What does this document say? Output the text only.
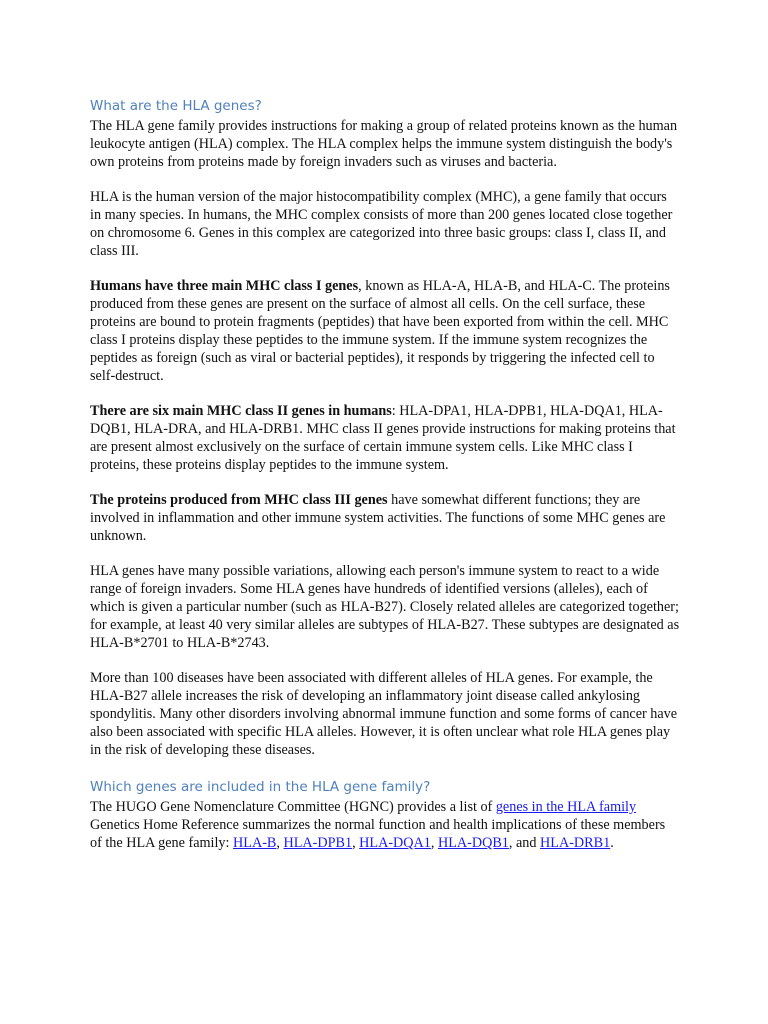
What are the HLA genes?

The HLA gene family provides instructions for making a group of related proteins known as the human leukocyte antigen (HLA) complex. The HLA complex helps the immune system distinguish the body's own proteins from proteins made by foreign invaders such as viruses and bacteria.

HLA is the human version of the major histocompatibility complex (MHC), a gene family that occurs in many species. In humans, the MHC complex consists of more than 200 genes located close together on chromosome 6. Genes in this complex are categorized into three basic groups: class I, class II, and class III.

Humans have three main MHC class I genes, known as HLA-A, HLA-B, and HLA-C. The proteins produced from these genes are present on the surface of almost all cells. On the cell surface, these proteins are bound to protein fragments (peptides) that have been exported from within the cell. MHC class I proteins display these peptides to the immune system. If the immune system recognizes the peptides as foreign (such as viral or bacterial peptides), it responds by triggering the infected cell to self-destruct.

There are six main MHC class II genes in humans: HLA-DPA1, HLA-DPB1, HLA-DQA1, HLA-DQB1, HLA-DRA, and HLA-DRB1. MHC class II genes provide instructions for making proteins that are present almost exclusively on the surface of certain immune system cells. Like MHC class I proteins, these proteins display peptides to the immune system.

The proteins produced from MHC class III genes have somewhat different functions; they are involved in inflammation and other immune system activities. The functions of some MHC genes are unknown.

HLA genes have many possible variations, allowing each person's immune system to react to a wide range of foreign invaders. Some HLA genes have hundreds of identified versions (alleles), each of which is given a particular number (such as HLA-B27). Closely related alleles are categorized together; for example, at least 40 very similar alleles are subtypes of HLA-B27. These subtypes are designated as HLA-B*2701 to HLA-B*2743.

More than 100 diseases have been associated with different alleles of HLA genes. For example, the HLA-B27 allele increases the risk of developing an inflammatory joint disease called ankylosing spondylitis. Many other disorders involving abnormal immune function and some forms of cancer have also been associated with specific HLA alleles. However, it is often unclear what role HLA genes play in the risk of developing these diseases.

Which genes are included in the HLA gene family?

The HUGO Gene Nomenclature Committee (HGNC) provides a list of genes in the HLA family Genetics Home Reference summarizes the normal function and health implications of these members of the HLA gene family: HLA-B, HLA-DPB1, HLA-DQA1, HLA-DQB1, and HLA-DRB1.
